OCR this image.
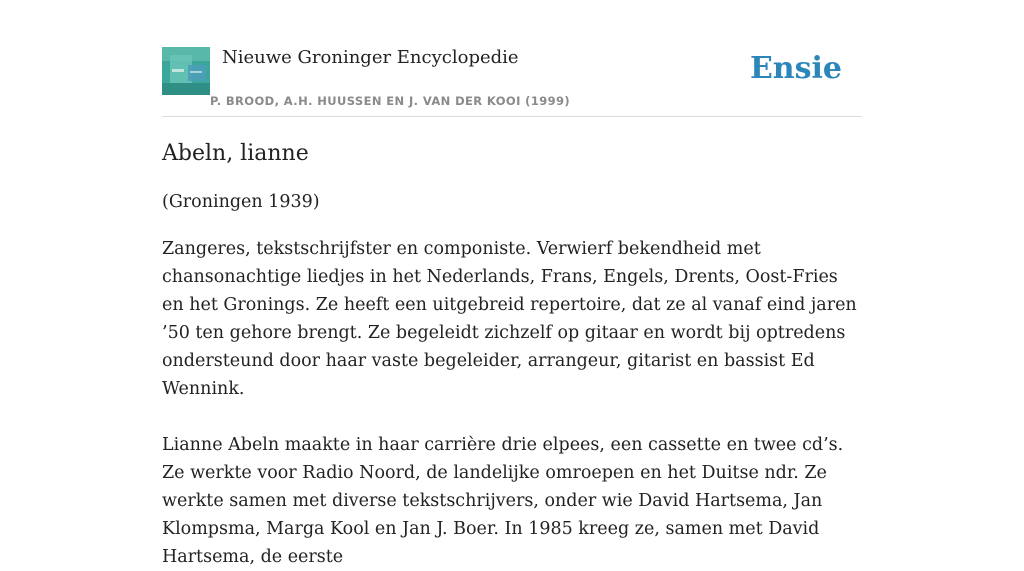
Nieuwe Groninger Encyclopedie
P. BROOD, A.H. HUUSSEN EN J. VAN DER KOOI (1999)
Ensie
Abeln, lianne

(Groningen 1939)

Zangeres, tekstschrijfster en componiste. Verwierf bekendheid met chansonachtige liedjes in het Nederlands, Frans, Engels, Drents, Oost-Fries en het Gronings. Ze heeft een uitgebreid repertoire, dat ze al vanaf eind jaren ’50 ten gehore brengt. Ze begeleidt zichzelf op gitaar en wordt bij optredens ondersteund door haar vaste begeleider, arrangeur, gitarist en bassist Ed Wennink.

Lianne Abeln maakte in haar carrière drie elpees, een cassette en twee cd’s. Ze werkte voor Radio Noord, de landelijke omroepen en het Duitse ndr. Ze werkte samen met diverse tekstschrijvers, onder wie David Hartsema, Jan Klompsma, Marga Kool en Jan J. Boer. In 1985 kreeg ze, samen met David Hartsema, de eerste
